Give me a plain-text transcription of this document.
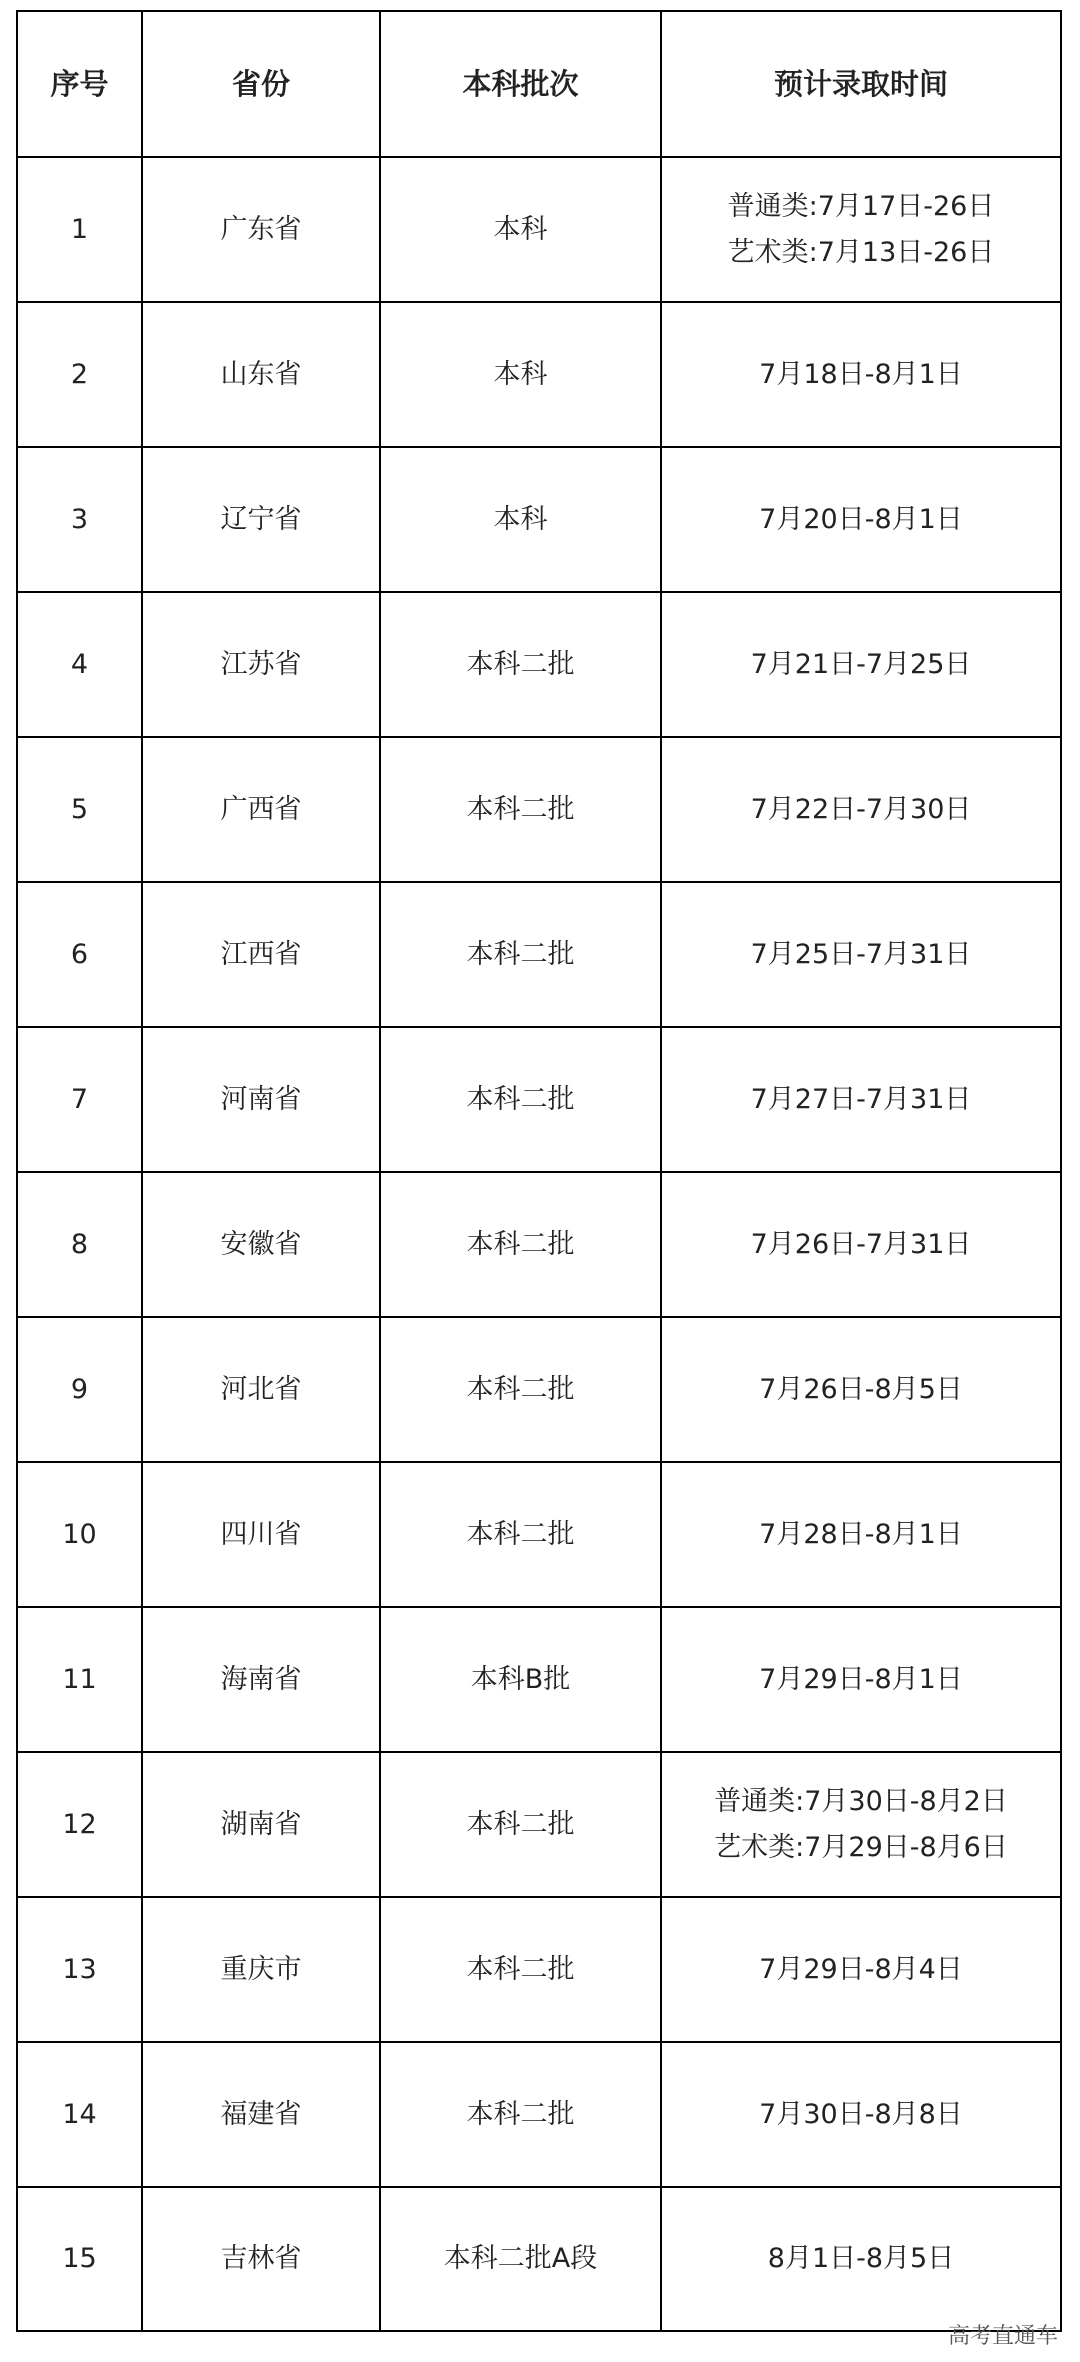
序号	省份	本科批次	预计录取时间
1	广东省	本科	普通类:7月17日-26日
艺术类:7月13日-26日

2	山东省	本科	7月18日-8月1日

3	辽宁省	本科	7月20日-8月1日

4	江苏省	本科二批	7月21日-7月25日

5	广西省	本科二批	7月22日-7月30日

6	江西省	本科二批	7月25日-7月31日

7	河南省	本科二批	7月27日-7月31日

8	安徽省	本科二批	7月26日-7月31日

9	河北省	本科二批	7月26日-8月5日

10	四川省	本科二批	7月28日-8月1日

11	海南省	本科B批	7月29日-8月1日

12	湖南省	本科二批	普通类:7月30日-8月2日
艺术类:7月29日-8月6日

13	重庆市	本科二批	7月29日-8月4日

14	福建省	本科二批	7月30日-8月8日

15	吉林省	本科二批A段	8月1日-8月5日
高考直通车
